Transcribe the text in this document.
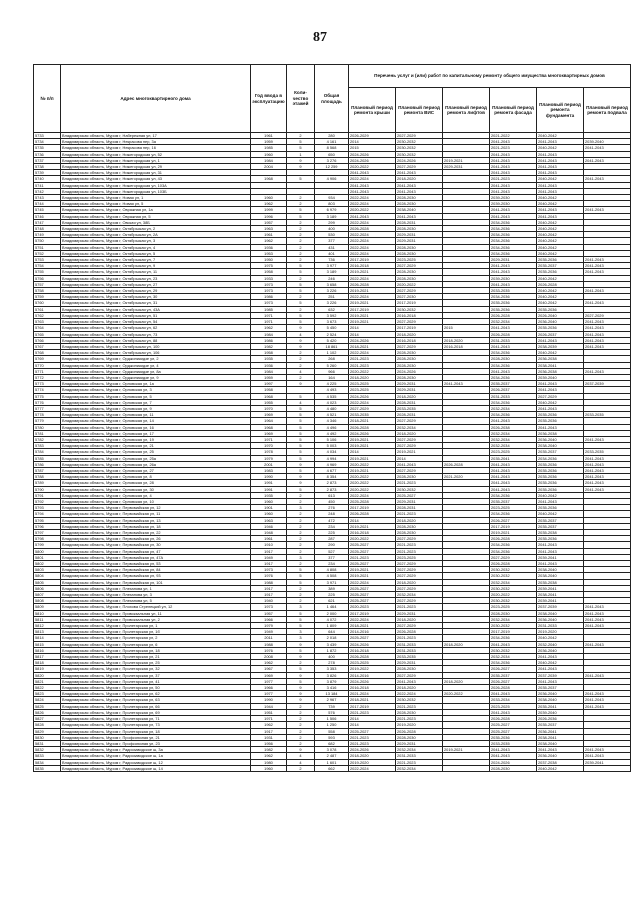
87
№ п/п	Адрес многоквартирного дома	Год ввода в эксплуатацию	Коли-чество этажей	Общая площадь	Перечень услуг и (или) работ по капитальному ремонту общего имущества многоквартирных домов					
					Плановый период ремонта крыши	Плановый период ремонта ВИС	Плановый период ремонта лифтов	Плановый период ремонта фасада	Плановый период ремонта фундамента	Плановый период ремонта подвала
5733	Владимирская область, Муром г, Набережная ул, 17	1961	2	280	2026-2029	2027-2029		2021-2022	2040-2042	
5734	Владимирская область, Муром г, Некрасова пер, 3а	1959	5	4 161	2014	2030-2032		2041-2043	2041-2043	2039-2040
5735	Владимирская область, Муром г, Некрасова пер, 16	1985	5	8 568	2015	2030-2032		2021-2023	2040-2042	2041-2043
5736	Владимирская область, Муром г, Нижегородская ул, 52	1960	1	650	2024-2026	2030-2032		2041-2043	2041-2043	
5737	Владимирская область, Муром г, Нижегородская ул, 1	1984	9	3 276	2024-2026	2024-2026	2019-2021	2041-2043	2041-2043	2041-2043
5738	Владимирская область, Муром г, Нижегородская ул, 29	2004	9	12 259	2020-2022	2027-2029	2029-2031	2041-2043	2041-2043	
5739	Владимирская область, Муром г, Нижегородская ул, 31				2041-2043	2041-2043		2041-2043	2041-2043	
5740	Владимирская область, Муром г, Нижегородская ул, 43	1968	5	4 906	2022-2024	2018-2020		2021-2023	2040-2042	2041-2043
5741	Владимирская область, Муром г, Нижегородская ул, 103А				2041-2043	2041-2043		2041-2043	2041-2043	
5742	Владимирская область, Муром г, Нижегородская ул, 103Б				2041-2043	2041-2043		2041-2043	2041-2043	
5743	Владимирская область, Муром г, Новая ул, 1	1960	2	934	2022-2024	2028-2030		2039-2030	2040-2042	
5744	Владимирская область, Муром г, Новая ул, 5	1962	2	803	2022-2024	2028-2030		2039-2030	2040-2042	
5745	Владимирская область, Муром г, Овражная ул, 1а	1999	5	6 979	2020-2022	2038-2040		2041-2043	2041-2043	2041-2043
5746	Владимирская область, Муром г, Овражная ул, 5	1996	5	3 189	2041-2043	2041-2043		2041-2043	2041-2043	
5747	Владимирская область, Муром г, Овская ул, 38Б	1957	2	299	2022-2024	2028-2031		2034-2036	2040-2042	
5748	Владимирская область, Муром г, Октябрьская ул, 2	1963	2	400	2026-2028	2028-2030		2034-2036	2040-2042	
5749	Владимирская область, Муром г, Октябрьская ул, 2А	1961	2	530	2022-2024	2029-2031		2034-2036	2040-2042	
5750	Владимирская область, Муром г, Октябрьская ул, 3	1962	2	377	2022-2024	2029-2031		2034-2036	2040-2042	
5751	Владимирская область, Муром г, Октябрьская ул, 4	1936	2	431	2022-2024	2028-2030		2034-2036	2040-2042	
5752	Владимирская область, Муром г, Октябрьская ул, 5	1953	2	401	2022-2024	2028-2030		2034-2036	2040-2042	
5753	Владимирская область, Муром г, Октябрьская ул, 7	1950	2	736	2017-2019	2023-2025		2029-2031	2035-2036	2041-2043
5754	Владимирская область, Муром г, Октябрьская ул, 9	1975	5	3 977	2016-2018	2027-2029		2041-2043	2035-2037	2041-2043
5755	Владимирская область, Муром г, Октябрьская ул, 11	1958	5	3 189	2019-2021	2028-2030		2041-2043	2035-2036	2041-2043
5756	Владимирская область, Муром г, Октябрьская ул, 23	1933	2	246	2022-2024	2028-2030		2039-2030	2040-2042	
5757	Владимирская область, Муром г, Октябрьская ул, 27	1973	5	3 658	2026-2028	2020-2022		2041-2043	2026-2028	
5758	Владимирская область, Муром г, Октябрьская ул, 29	1973	5	3 226	2019-2021	2027-2029		2033-2035	2040-2042	2041-2043
5759	Владимирская область, Муром г, Октябрьская ул, 30	1986	2	251	2022-2024	2027-2030		2034-2036	2040-2042	
5760	Владимирская область, Муром г, Октябрьская ул, 31	1973	5	3 226	2019-2021	2017-2019		2035-2036	2040-2042	2041-2043
5761	Владимирская область, Муром г, Октябрьская ул, 43А	1985	2	632	2017-2019	2030-2032		2035-2036	2035-2036	
5762	Владимирская область, Муром г, Октябрьская ул, 51	1971	5	3 592	2019-2021	2016-2018		2026-2028	2026-2040	2027-2029
5763	Владимирская область, Муром г, Октябрьская ул, 54	1971	5	3 673	2019-2021	2027-2029		2032-2034	2036-2040	2041-2043
5764	Владимирская область, Муром г, Октябрьская ул, 62	1962	9	5 450	2014	2017-2019	2015	2041-2043	2035-2036	2041-2043
5765	Владимирская область, Муром г, Октябрьская ул, 73	1984	4	2 524	2014	2018-2020		2026-2028	2026-2037	2041-2043
5766	Владимирская область, Муром г, Октябрьская ул, 88	1986	9	5 420	2024-2026	2016-2018	2018-2020	2031-2033	2041-2043	2041-2043
5767	Владимирская область, Муром г, Октябрьская ул, 100	1982	9	18 861	2018-2021	2027-2029	2016-2018	2041-2043	2038-2039	2041-2043
5768	Владимирская область, Муром г, Октябрьская ул, 106	1958	2	1 102	2022-2024	2028-2030		2034-2036	2040-2042	
5769	Владимирская область, Муром г, Орджоникидзе ул, 2	1935	2	268	2021-2023	2028-2030		2028-2030	2036-2038	
5770	Владимирская область, Муром г, Орджоникидзе ул, 4	1936	2	5 260	2021-2023	2028-2030		2034-2036	2038-2041	
5771	Владимирская область, Муром г, Орджоникидзе ул, 8а	1984	4	966	2020-2022	2024-2026		2041-2043	2036-2038	2041-2043
5772	Владимирская область, Муром г, Орджоникидзе ул, 9	1959	2	164	2018-2020	2028-2030		2034-2036	2039-2040	
5773	Владимирская область, Муром г, Орловская ул, 1а	1997	9	4 225	2023-2025	2029-2031	2041-2043	2035-2037	2041-2043	2037-2039
5774	Владимирская область, Муром г, Орловская ул, 3	1958		4 493	2023-2025	2029-2031		2026-2037	2041-2043	
5775	Владимирская область, Муром г, Орловская ул, 5	1968	5	4 535	2024-2026	2018-2020		2031-2033	2027-2029	
5776	Владимирская область, Муром г, Орловская ул, 7	1955	4	4 023	2022-2024	2028-2031		2034-2036	2040-2042	
5777	Владимирская область, Муром г, Орловская ул, 9	1970	5	4 480	2027-2029	2033-2035		2032-2034	2041-2043	
5778	Владимирская область, Муром г, Орловская ул, 11	1969	5	4 521	2033-2035	2028-2031		2034-2036	2035-2036	2033-2035
5779	Владимирская область, Муром г, Орловская ул, 14	1964	5	4 346	2018-2021	2027-2029		2041-2043	2035-2036	
5780	Владимирская область, Муром г, Орловская ул, 16	1968	5	4 496	2026-2028	2032-2034		2026-2038	2041-2043	
5781	Владимирская область, Муром г, Орловская ул, 17	1969	5	4 492	2024-2026	2018-2020		2032-2034	2036-2038	
5782	Владимирская область, Муром г, Орловская ул, 19	1971	5	5 106	2019-2021	2027-2029		2032-2034	2036-2040	2041-2043
5783	Владимирская область, Муром г, Орловская ул, 21	1970	5	5 003	2019-2021	2027-2029		2032-2034	2038-2040	
5784	Владимирская область, Муром г, Орловская ул, 25	1978	5	4 034	2014	2019-2021		2023-2025	2035-2037	2033-2035
5785	Владимирская область, Муром г, Орловская ул, 25а	1979	5	4 994	2019-2021	2014		2035-2041	2034-2036	2041-2043
5786	Владимирская область, Муром г, Орловская ул, 26а	2001	9	4 969	2020-2022	2041-2043	2026-2028	2041-2043	2035-2036	2041-2043
5787	Владимирская область, Муром г, Орловская ул, 27	1983	5	4 677	2019-2021	2027-2029		2041-2043	2035-2036	2041-2043
5788	Владимирская область, Муром г, Орловская ул, 8	1990	9	8 354	2020-2022	2028-2030	2021-2020	2041-2043	2035-2036	2041-2043
5789	Владимирская область, Муром г, Орловская ул, 28	1991	9	2 873	2020-2022	2021-2023		2041-2043	2035-2036	2041-2043
5790	Владимирская область, Муром г, Орловская ул, 30	1991	5	2 873	2020-2022	2030-2032		2041-2043	2035-2036	2041-2043
5791	Владимирская область, Муром г, Орловская ул, 4	1935	2	613	2022-2024	2025-2027		2034-2036	2040-2042	
5792	Владимирская область, Муром г, Орловская ул, 10	1960	2	450	2025-2028	2029-2031		2035-2037	2041-2043	
5793	Владимирская область, Муром г, Первомайская ул, 12	1901	3	276	2017-2019	2028-2031		2023-2025	2035-2036	
5794	Владимирская область, Муром г, Первомайская ул, 11	1960	2	248	2026-2028	2021-2023		2034-2036	2040-2042	
5795	Владимирская область, Муром г, Первомайская ул, 13	1963	2	472	2014	2018-2020		2026-2027	2035-2037	
5796	Владимирская область, Муром г, Первомайская ул, 18	1946	2	234	2019-2021	2028-2030		2017-2019	2035-2037	
5797	Владимирская область, Муром г, Первомайская ул, 22	1948	2	225	2016-2018	2028-2030		2019-2021	2035-2038	
5798	Владимирская область, Муром г, Первомайская ул, 26	1961	2	287	2020-2022	2027-2029		2026-2028	2035-2036	
5799	Владимирская область, Муром г, Первомайская ул, 30	1910	2	290	2025-2027	2021-2023		2034-2036	2041-2043	
5800	Владимирская область, Муром г, Первомайская ул, 47	1917	2	527	2025-2027	2021-2023		2034-2036	2041-2043	
5801	Владимирская область, Муром г, Первомайская ул, 47А	1949	3	377	2021-2023	2023-2025		2027-2029	2039-2041	
5802	Владимирская область, Муром г, Первомайская ул, 53	1917	2	234	2025-2027	2027-2029		2026-2028	2041-2043	
5803	Владимирская область, Муром г, Первомайская ул, 84	1973	5	4 808	2019-2021	2027-2029		2030-2032	2038-2040	
5804	Владимирская область, Муром г, Первомайская ул, 93	1976	5	4 508	2019-2021	2027-2029		2030-2032	2038-2040	
5805	Владимирская область, Муром г, Первомайская ул, 101	1988	5	3 971	2022-2024	2018-2020		2032-2034	2035-2038	
5806	Владимирская область, Муром г, Плеханова ул, 1	1917	2	389	2025-2027	2027-2029		2030-2032	2039-2041	
5807	Владимирская область, Муром г, Плеханова ул, 3	1917	2	225	2025-2027	2032-2034		2020-2022	2038-2041	
5808	Владимирская область, Муром г, Плеханова ул, 5	1940	2	621	2025-2027	2027-2029		2030-2032	2039-2041	
5809	Владимирская область, Муром г, Плохова Стрелецкий ул, 12	1973	3	1 464	2020-2023	2021-2023		2023-2025	2037-2039	2041-2043
5810	Владимирская область, Муром г, Привокзальная ул, 11	1957	5	2 000	2017-2019	2029-2031		2028-2030	2038-2040	2041-2043
5811	Владимирская область, Муром г, Привокзальная ул, 2	1966	5	4 072	2022-2024	2018-2020		2032-2034	2036-2040	2041-2043
5812	Владимирская область, Муром г, Пролетарская ул, 1	1979	5	1 809	2018-2021	2027-2029		2030-2032	2031-2033	2041-2043
5813	Владимирская область, Муром г, Пролетарская ул, 1б	1949	3	644	2014-2016	2026-2028		2017-2019	2019-2020	
5814	Владимирская область, Муром г, Пролетарская ул, 2	2011	3	2 018	2025-2027	2021-2023		2034-2036	2040-2042	
5815	Владимирская область, Муром г, Пролетарская ул, 6	1988	9	3 439	2024-2026	2031-2033	2018-2020	2041-2043	2032-2040	2041-2043
5816	Владимирская область, Муром г, Пролетарская ул, 18	1976	5	1 872	2016-2018	2031-2033		2030-2032	2036-2040	
5817	Владимирская область, Муром г, Пролетарская ул, 21	2008	9	400	2026-2028	2033-2035		2032-2034	2041-2043	
5818	Владимирская область, Муром г, Пролетарская ул, 25	1962	2	278	2023-2025	2029-2031		2034-2036	2040-2042	
5819	Владимирская область, Муром г, Пролетарская ул, 32	1967	5	3 353	2019-2022	2028-2030		2026-2027	2041-2043	
5820	Владимирская область, Муром г, Пролетарская ул, 37	1969	9	3 826	2014-2016	2027-2029		2035-2037	2037-2039	2041-2043
5821	Владимирская область, Муром г, Пролетарская ул, 41	1977	5	3 879	2024-2026	2041-2043	2018-2020	2026-2027	2041-2043	
5822	Владимирская область, Муром г, Пролетарская ул, 50	1966	9	3 416	2016-2018	2018-2020		2026-2028	2035-2037	
5823	Владимирская область, Муром г, Пролетарская ул, 62	1977	9	13 184	2021-2024	2022-2024	2020-2022	2041-2043	2036-2040	2041-2043
5824	Владимирская область, Муром г, Пролетарская ул, 63	1990	9	2 967	2018-2021	2030-2032		2033-2034	2038-2040	2041-2043
5825	Владимирская область, Муром г, Пролетарская ул, 66	1944	2	739	2017-2019	2021-2023		2023-2025	2035-2041	2041-2043
5826	Владимирская область, Муром г, Пролетарская ул, 69	1951	2	576	2021-2023	2028-2030		2041-2043	2039-2040	
5827	Владимирская область, Муром г, Пролетарская ул, 71	1971	2	1 506	2014	2021-2023		2026-2028	2026-2036	
5828	Владимирская область, Муром г, Пролетарская ул, 73	1962	2	1 250	2014	2019-2020		2025-2027	2035-2037	
5829	Владимирская область, Муром г, Пролетарская ул, 18	1917	2	558	2025-2027	2026-2028		2025-2027	2036-2041	
5830	Владимирская область, Муром г, Профсоюзная ул, 21	1931	2	593	2021-2023	2028-2030		2035-2036	2038-2041	
5831	Владимирская область, Муром г, Профсоюзная ул, 23	1956	2	682	2021-2023	2029-2031		2033-2035	2038-2040	
5832	Владимирская область, Муром г, Радиозаводское ш, 3а	1982	9	3 078	2024-2026	2032-2034	2019-2021	2041-2043	2041-2043	2041-2043
5833	Владимирская область, Муром г, Радиозаводское ш, 1а	1962	4	2 487	2018-2020	2031-2033		2041-2043	2036-2040	2041-2043
5834	Владимирская область, Муром г, Радиозаводское ш, 12	1980	4	1 601	2019-2020	2021-2023		2024-2026	2037-2038	2039-2041
5835	Владимирская область, Муром г, Радиозаводское ш, 14	1960	2	662	2022-2024	2032-2034		2028-2030	2040-2042	
